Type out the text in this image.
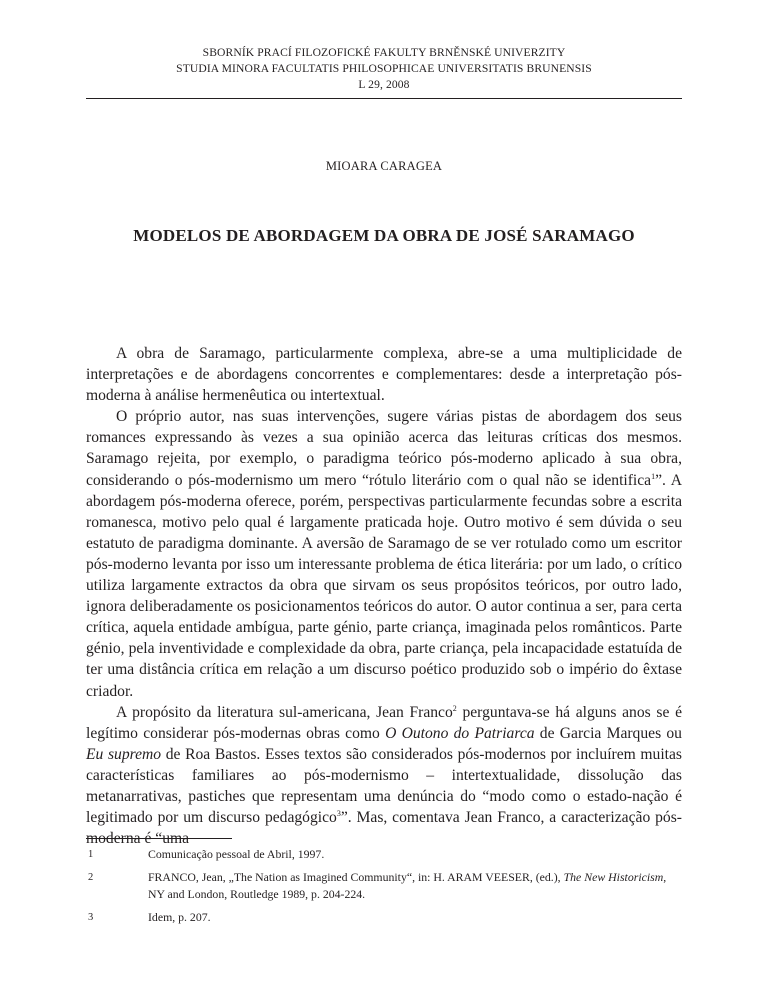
SBORNÍK PRACÍ FILOZOFICKÉ FAKULTY BRNĚNSKÉ UNIVERZITY
STUDIA MINORA FACULTATIS PHILOSOPHICAE UNIVERSITATIS BRUNENSIS
L 29, 2008
MIOARA CARAGEA
MODELOS DE ABORDAGEM DA OBRA DE JOSÉ SARAMAGO

A obra de Saramago, particularmente complexa, abre-se a uma multiplicidade de interpretações e de abordagens concorrentes e complementares: desde a interpretação pós-moderna à análise hermenêutica ou intertextual.

O próprio autor, nas suas intervenções, sugere várias pistas de abordagem dos seus romances expressando às vezes a sua opinião acerca das leituras críticas dos mesmos. Saramago rejeita, por exemplo, o paradigma teórico pós-moderno aplicado à sua obra, considerando o pós-modernismo um mero “rótulo literário com o qual não se identifica$^1$”. A abordagem pós-moderna oferece, porém, perspectivas particularmente fecundas sobre a escrita romanesca, motivo pelo qual é largamente praticada hoje. Outro motivo é sem dúvida o seu estatuto de paradigma dominante. A aversão de Saramago de se ver rotulado como um escritor pós-moderno levanta por isso um interessante problema de ética literária: por um lado, o crítico utiliza largamente extractos da obra que sirvam os seus propósitos teóricos, por outro lado, ignora deliberadamente os posicionamentos teóricos do autor. O autor continua a ser, para certa crítica, aquela entidade ambígua, parte génio, parte criança, imaginada pelos românticos. Parte génio, pela inventividade e complexidade da obra, parte criança, pela incapacidade estatuída de ter uma distância crítica em relação a um discurso poético produzido sob o império do êxtase criador.

A propósito da literatura sul-americana, Jean Franco$^2$ perguntava-se há alguns anos se é legítimo considerar pós-modernas obras como O Outono do Patriarca de Garcia Marques ou Eu supremo de Roa Bastos. Esses textos são considerados pós-modernos por incluírem muitas características familiares ao pós-modernismo – intertextualidade, dissolução das metanarrativas, pastiches que representam uma denúncia do “modo como o estado-nação é legitimado por um discurso pedagógico$^3$”. Mas, comentava Jean Franco, a caracterização pós-moderna é “uma

1	Comunicação pessoal de Abril, 1997.
2	FRANCO, Jean, „The Nation as Imagined Community“, in: H. ARAM VEESER, (ed.), The New Historicism, NY and London, Routledge 1989, p. 204-224.
3	Idem, p. 207.
